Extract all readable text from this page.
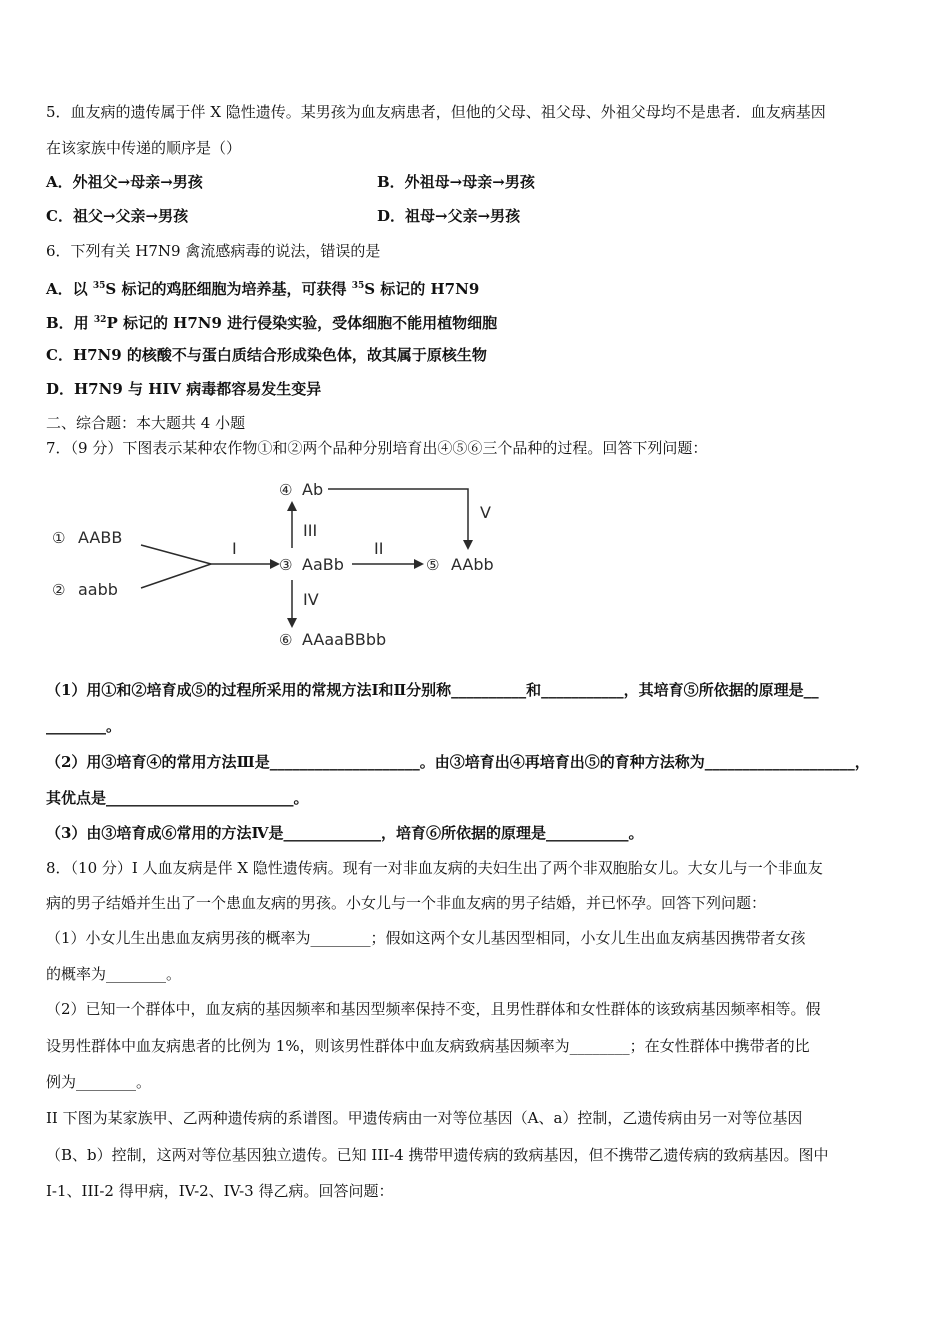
5．血友病的遗传属于伴 X 隐性遗传。某男孩为血友病患者，但他的父母、祖父母、外祖父母均不是患者．血友病基因
在该家族中传递的顺序是（）
A．外祖父→母亲→男孩	B．外祖母→母亲→男孩
C．祖父→父亲→男孩	D．祖母→父亲→男孩
6．下列有关 H7N9 禽流感病毒的说法，错误的是
A．以 $^{35}$S 标记的鸡胚细胞为培养基，可获得 $^{35}$S 标记的 H7N9
B．用 $^{32}$P 标记的 H7N9 进行侵染实验，受体细胞不能用植物细胞
C．H7N9 的核酸不与蛋白质结合形成染色体，故其属于原核生物
D．H7N9 与 HIV 病毒都容易发生变异
二、综合题：本大题共 4 小题
7．（9 分）下图表示某种农作物①和②两个品种分别培育出④⑤⑥三个品种的过程。回答下列问题：
① AABB
② aabb
I
③ AaBb
II
⑤ AAbb
III
④ Ab
V
IV
⑥ AAaaBBbb
（1）用①和②培育成⑤的过程所采用的常规方法Ⅰ和Ⅱ分别称__________和___________，其培育⑤所依据的原理是__
________。
（2）用③培育④的常用方法Ⅲ是____________________。由③培育出④再培育出⑤的育种方法称为____________________，
其优点是_________________________。
（3）由③培育成⑥常用的方法Ⅳ是_____________，培育⑥所依据的原理是___________。
8．（10 分）I 人血友病是伴 X 隐性遗传病。现有一对非血友病的夫妇生出了两个非双胞胎女儿。大女儿与一个非血友
病的男子结婚并生出了一个患血友病的男孩。小女儿与一个非血友病的男子结婚，并已怀孕。回答下列问题：
（1）小女儿生出患血友病男孩的概率为________；假如这两个女儿基因型相同，小女儿生出血友病基因携带者女孩
的概率为________。
（2）已知一个群体中，血友病的基因频率和基因型频率保持不变，且男性群体和女性群体的该致病基因频率相等。假
设男性群体中血友病患者的比例为 1%，则该男性群体中血友病致病基因频率为________；在女性群体中携带者的比
例为________。
II 下图为某家族甲、乙两种遗传病的系谱图。甲遗传病由一对等位基因（A、a）控制，乙遗传病由另一对等位基因
（B、b）控制，这两对等位基因独立遗传。已知 III-4 携带甲遗传病的致病基因，但不携带乙遗传病的致病基因。图中
I-1、III-2 得甲病，IV-2、IV-3 得乙病。回答问题：
